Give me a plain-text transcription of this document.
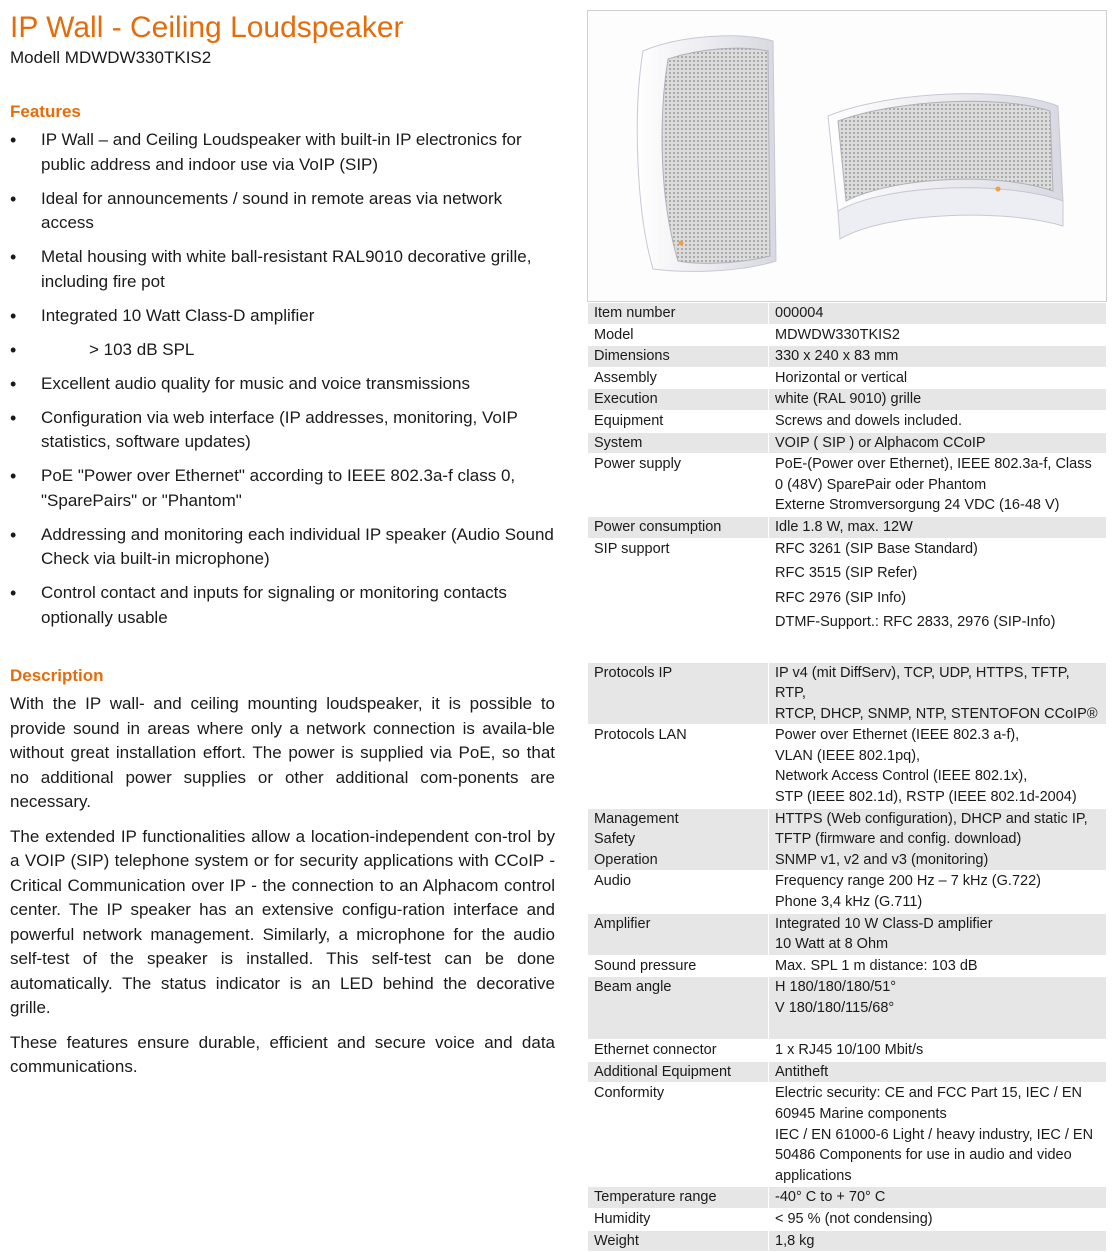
IP Wall - Ceiling Loudspeaker
Modell MDWDW330TKIS2
Features
• IP Wall – and Ceiling Loudspeaker with built-in IP electronics for public address and indoor use via VoIP (SIP)
• Ideal for announcements / sound in remote areas via network access
• Metal housing with white ball-resistant RAL9010 decorative grille, including fire pot
• Integrated 10 Watt Class-D amplifier
• > 103 dB SPL
• Excellent audio quality for music and voice transmissions
• Configuration via web interface (IP addresses, monitoring, VoIP statistics, software updates)
• PoE "Power over Ethernet" according to IEEE 802.3a-f class 0, "SparePairs" or "Phantom"
• Addressing and monitoring each individual IP speaker (Audio Sound Check via built-in microphone)
• Control contact and inputs for signaling or monitoring contacts optionally usable
Description

With the IP wall- and ceiling mounting loudspeaker, it is possible to provide sound in areas where only a network connection is availa-ble without great installation effort. The power is supplied via PoE, so that no additional power supplies or other additional com-ponents are necessary.

The extended IP functionalities allow a location-independent con-trol by a VOIP (SIP) telephone system or for security applications with CCoIP - Critical Communication over IP - the connection to an Alphacom control center. The IP speaker has an extensive configu-ration interface and powerful network management. Similarly, a microphone for the audio self-test of the speaker is installed. This self-test can be done automatically. The status indicator is an LED behind the decorative grille.

These features ensure durable, efficient and secure voice and data communications.

Item number	000004

Model	MDWDW330TKIS2

Dimensions	330 x 240 x 83 mm

Assembly	Horizontal or vertical

Execution	white (RAL 9010) grille

Equipment	Screws and dowels included.

System	VOIP ( SIP ) or Alphacom CCoIP

Power supply	PoE-(Power over Ethernet), IEEE 802.3a-f, Class
0 (48V) SparePair oder Phantom
Externe Stromversorgung 24 VDC (16-48 V)

Power consumption	Idle 1.8 W, max. 12W

SIP support	RFC 3261 (SIP Base Standard)
RFC 3515 (SIP Refer)
RFC 2976 (SIP Info)
DTMF-Support.: RFC 2833, 2976 (SIP-Info)

Protocols IP	IP v4 (mit DiffServ), TCP, UDP, HTTPS, TFTP, RTP,
RTCP, DHCP, SNMP, NTP, STENTOFON CCoIP®

Protocols LAN	Power over Ethernet (IEEE 802.3 a-f),
VLAN (IEEE 802.1pq),
Network Access Control (IEEE 802.1x),
STP (IEEE 802.1d), RSTP (IEEE 802.1d-2004)

Management
Safety
Operation	HTTPS (Web configuration), DHCP and static IP,
TFTP (firmware and config. download)
SNMP v1, v2 and v3 (monitoring)

Audio	Frequency range 200 Hz – 7 kHz (G.722)
Phone 3,4 kHz (G.711)

Amplifier	Integrated 10 W Class-D amplifier
10 Watt at 8 Ohm

Sound pressure	Max. SPL 1 m distance: 103 dB

Beam angle	H 180/180/180/51°
V 180/180/115/68°

Ethernet connector	1 x RJ45 10/100 Mbit/s

Additional Equipment	Antitheft

Conformity	Electric security: CE and FCC Part 15, IEC / EN
60945 Marine components
IEC / EN 61000-6 Light / heavy industry, IEC / EN
50486 Components for use in audio and video
applications

Temperature range	-40° C to + 70° C

Humidity	< 95 % (not condensing)

Weight	1,8 kg
